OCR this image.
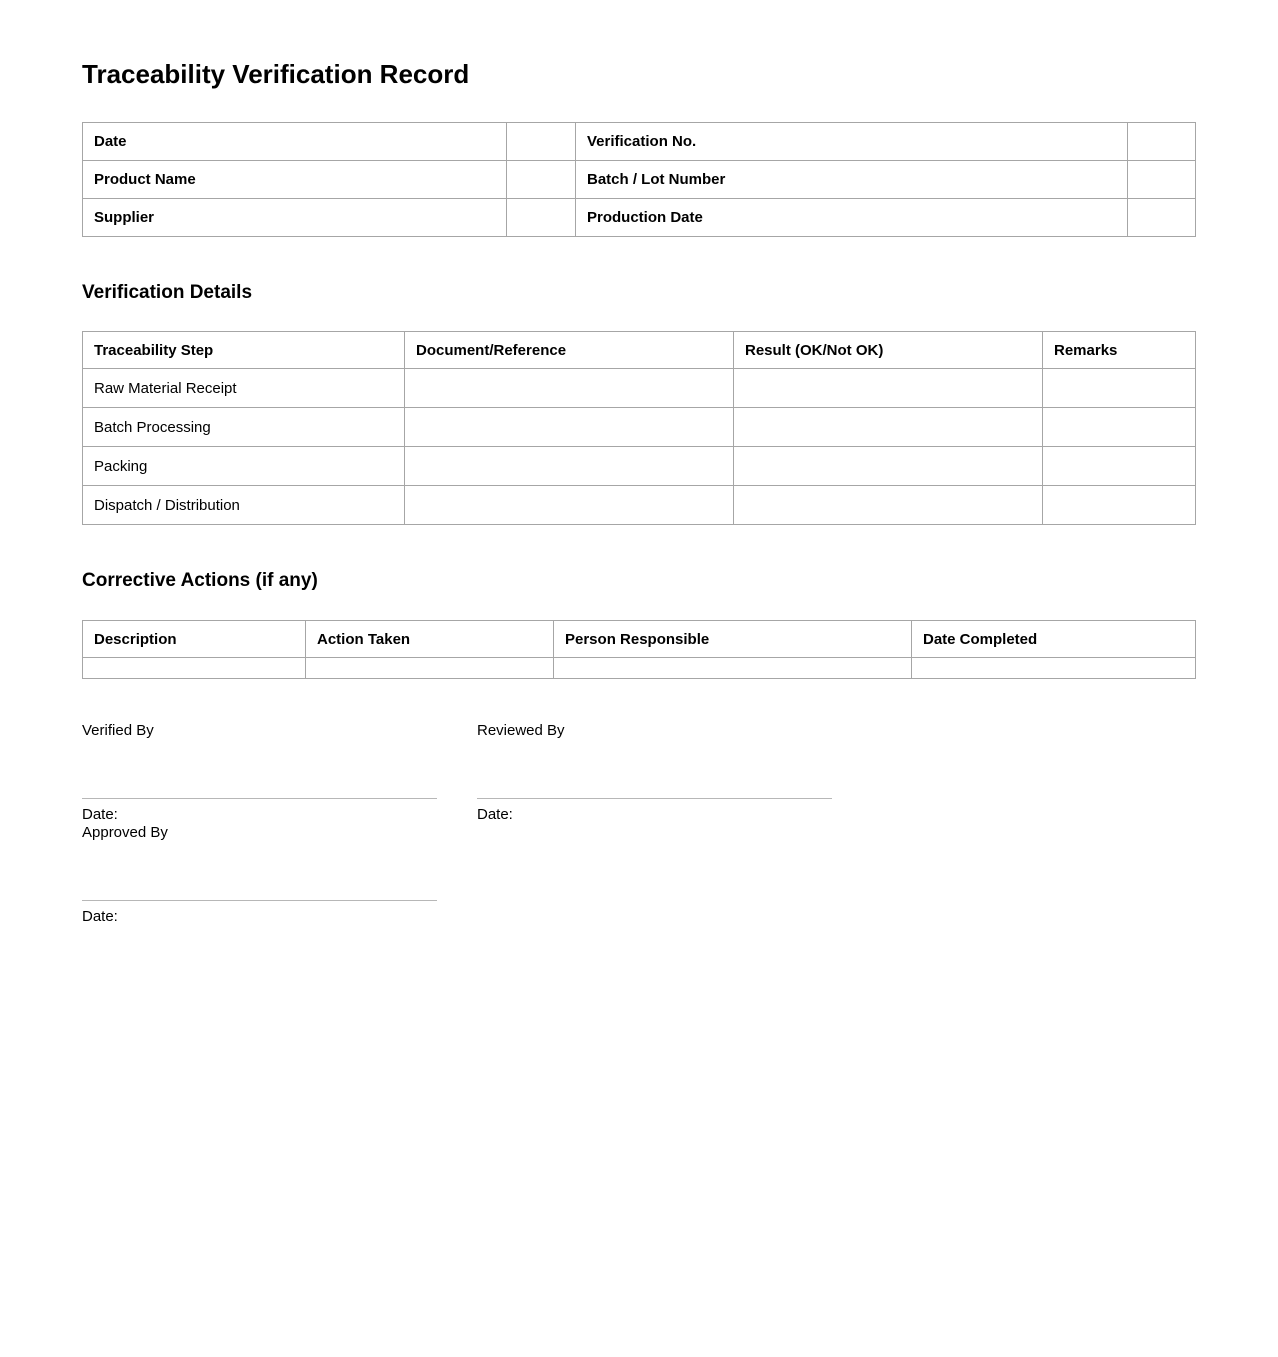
Traceability Verification Record
Date		Verification No.	
Product Name		Batch / Lot Number	
Supplier		Production Date	
Verification Details
Traceability Step	Document/Reference	Result (OK/Not OK)	Remarks
Raw Material Receipt			
Batch Processing			
Packing			
Dispatch / Distribution			
Corrective Actions (if any)
Description	Action Taken	Person Responsible	Date Completed

Verified By
Date:
Approved By
Date:
Reviewed By
Date:
